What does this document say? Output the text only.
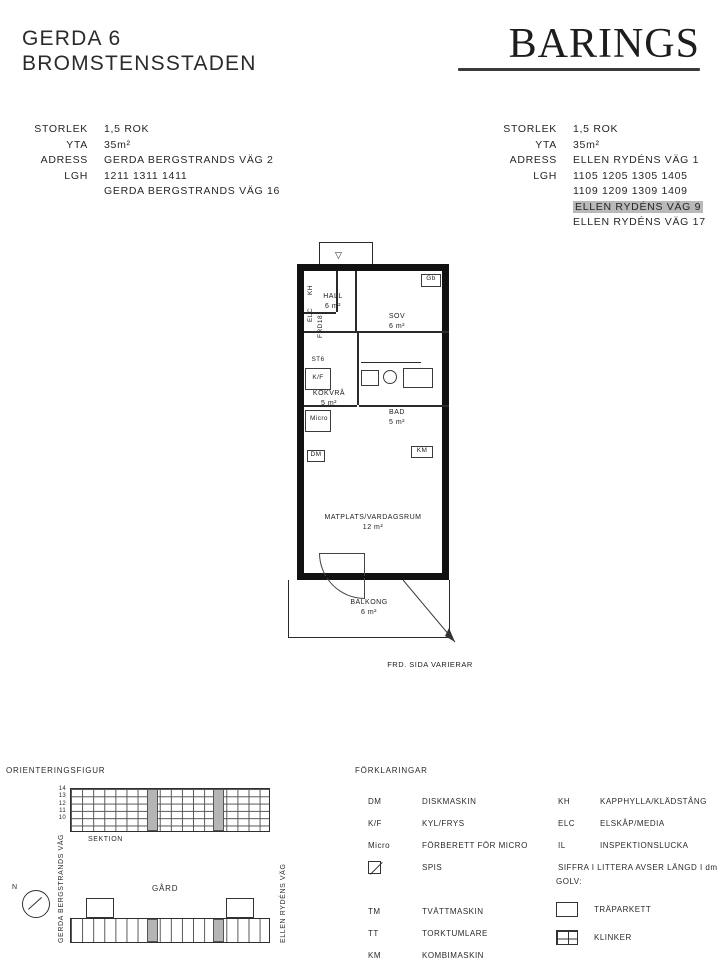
GERDA 6
BROMSTENSSTADEN	BARINGS
STORLEK	1,5 ROK
YTA	35m²
ADRESS	GERDA BERGSTRANDS VÄG 2
LGH	1211 1311 1411
	GERDA BERGSTRANDS VÄG 16
STORLEK	1,5 ROK
YTA	35m²
ADRESS	ELLEN RYDÉNS VÄG 1
LGH	1105 1205 1305 1405
	1109 1209 1309 1409
	ELLEN RYDÉNS VÄG 9
	ELLEN RYDÉNS VÄG 17
▽
Gb
KH
ELC FRD18
ST6
K/F
Micro
DM
KM
HALL
6 m²
SOV
6 m²
KOKVRÅ
5 m²
BAD
5 m²
MATPLATS/VARDAGSRUM
12 m²
BALKONG
6 m²
FRD. SIDA VARIERAR
ORIENTERINGSFIGUR
14
13
12
11
10
SEKTION
GERDA BERGSTRANDS VÄG	ELLEN RYDÉNS VÄG
GÅRD
N
FÖRKLARINGAR
DM	DISKMASKIN
K/F	KYL/FRYS
Micro	FÖRBERETT FÖR MICRO
	SPIS

TM	TVÄTTMASKIN
TT	TORKTUMLARE
KM	KOMBIMASKIN
KH	KAPPHYLLA/KLÄDSTÅNG
ELC	ELSKÅP/MEDIA
IL	INSPEKTIONSLUCKA
SIFFRA I LITTERA AVSER LÄNGD I dm	
GOLV:
TRÄPARKETT
KLINKER
